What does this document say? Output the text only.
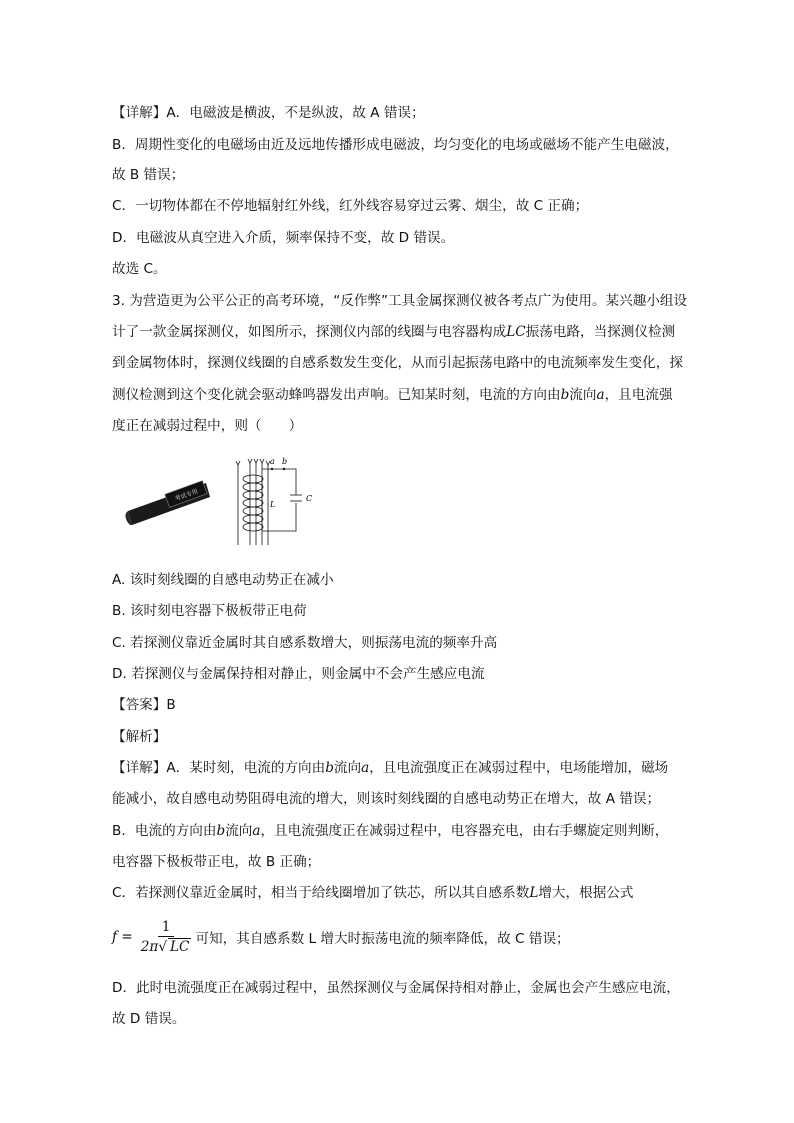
【详解】A．电磁波是横波，不是纵波，故 A 错误；
B．周期性变化的电磁场由近及远地传播形成电磁波，均匀变化的电场或磁场不能产生电磁波，
故 B 错误；
C．一切物体都在不停地辐射红外线，红外线容易穿过云雾、烟尘，故 C 正确；
D．电磁波从真空进入介质，频率保持不变，故 D 错误。
故选 C。
3. 为营造更为公平公正的高考环境，“反作弊”工具金属探测仪被各考点广为使用。某兴趣小组设
计了一款金属探测仪，如图所示，探测仪内部的线圈与电容器构成LC振荡电路，当探测仪检测
到金属物体时，探测仪线圈的自感系数发生变化，从而引起振荡电路中的电流频率发生变化，探
测仪检测到这个变化就会驱动蜂鸣器发出声响。已知某时刻，电流的方向由b流向a，且电流强
度正在减弱过程中，则（　　）
考试专用
a b
L
C
A. 该时刻线圈的自感电动势正在减小
B. 该时刻电容器下极板带正电荷
C. 若探测仪靠近金属时其自感系数增大，则振荡电流的频率升高
D. 若探测仪与金属保持相对静止，则金属中不会产生感应电流
【答案】B
【解析】
【详解】A．某时刻，电流的方向由b流向a，且电流强度正在减弱过程中，电场能增加，磁场
能减小，故自感电动势阻碍电流的增大，则该时刻线圈的自感电动势正在增大，故 A 错误；
B．电流的方向由b流向a，且电流强度正在减弱过程中，电容器充电，由右手螺旋定则判断，
电容器下极板带正电，故 B 正确；
C．若探测仪靠近金属时，相当于给线圈增加了铁芯，所以其自感系数L增大，根据公式
$f = \frac{1}{2\pi√ LC}$ 可知，其自感系数 L 增大时振荡电流的频率降低，故 C 错误；
D．此时电流强度正在减弱过程中，虽然探测仪与金属保持相对静止，金属也会产生感应电流，
故 D 错误。
